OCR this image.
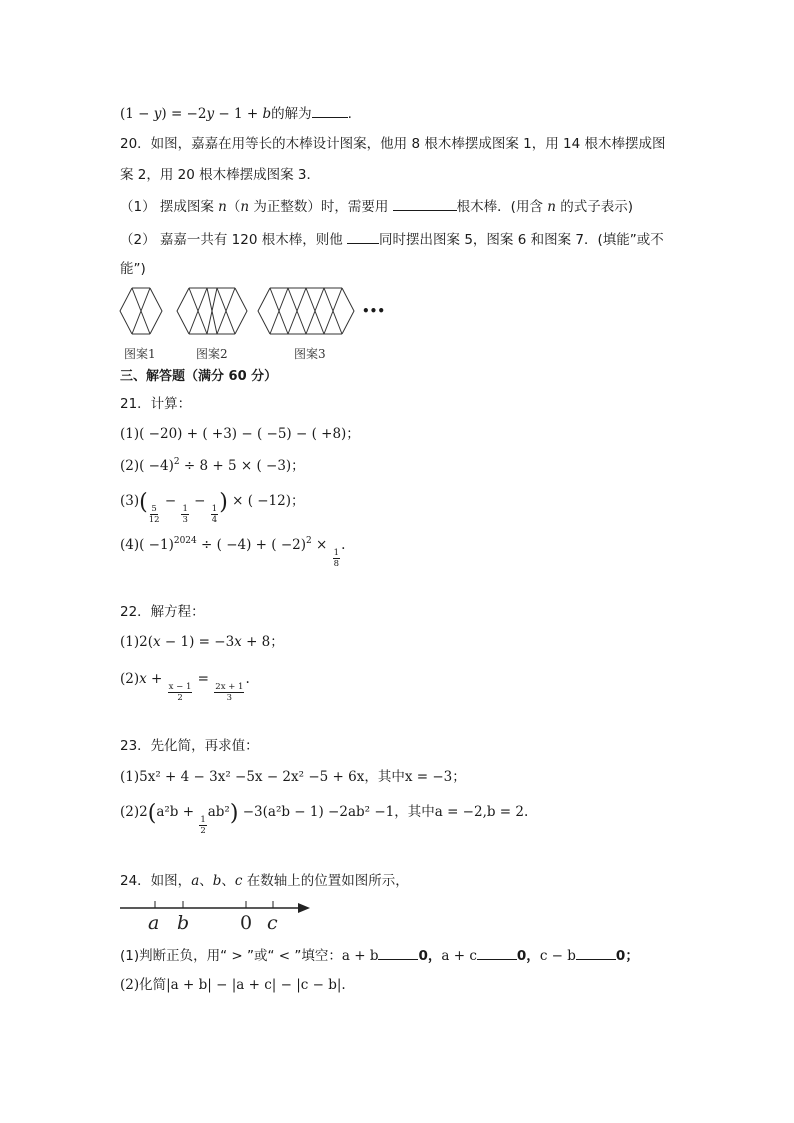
(1 − y) = −2y − 1 + b的解为	.
20．如图，嘉嘉在用等长的木棒设计图案，他用 8 根木棒摆成图案 1，用 14 根木棒摆成图
案 2，用 20 根木棒摆成图案 3．
（1） 摆成图案 n（n 为正整数）时，需要用	根木棒．(用含 n 的式子表示)
（2） 嘉嘉一共有 120 根木棒，则他 同时摆出图案 5，图案 6 和图案 7．(填能”或不
能”)
•••
图案1	图案2	图案3
三、解答题（满分 60 分）
21．计算：
(1)( −20) + ( +3) − ( −5) − ( +8)；
$(2)( -4)^2 \div 8 + 5$ × ( −3)；
$(3)( \frac{5}{12}$
−
$\frac{1}{3}$
−
$\frac{1}{4}$ ) × ( −12)；
$(4)( -1)^{2024}$ ÷ ( −4) + ( −2)$^2$ ×
$\frac{1}{8}$
.
22．解方程：
(1)2(x − 1) = −3x + 8；
(2)x +
$\frac{x - 1}{2}$
=
$\frac{2x + 1}{3}$
.
23．先化简，再求值：
(1)5x² + 4 − 3x² −5x − 2x² −5 + 6x，其中x = −3；
(2)2(a²b +
$\frac{1}{2}$
ab²) −3(a²b − 1) −2ab² −1，其中a = −2,b = 2.
24．如图，a、b、c 在数轴上的位置如图所示，
a b	0 c
(1)判断正负，用“ > ”或“ < ”填空：a + b	0，a + c	0，c − b	0；
(2)化简|a + b| − |a + c| − |c − b|.
